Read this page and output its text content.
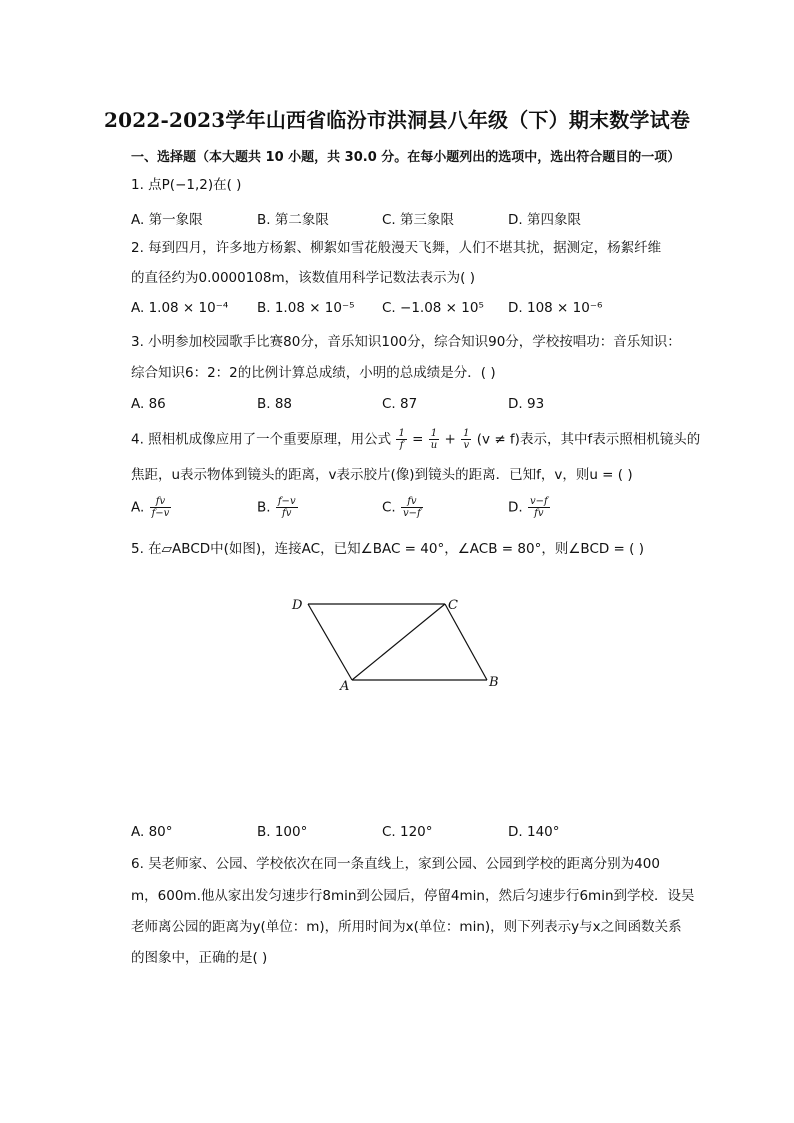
2022-2023学年山西省临汾市洪洞县八年级（下）期末数学试卷
一、选择题（本大题共 10 小题，共 30.0 分。在每小题列出的选项中，选出符合题目的一项）
1. 点P(−1,2)在( )
A. 第一象限	B. 第二象限	C. 第三象限	D. 第四象限
2. 每到四月，许多地方杨絮、柳絮如雪花般漫天飞舞，人们不堪其扰，据测定，杨絮纤维
的直径约为0.0000108m，该数值用科学记数法表示为( )
A. 1.08 × 10⁻⁴ B. 1.08 × 10⁻⁵ C. −1.08 × 10⁵ D. 108 × 10⁻⁶
3. 小明参加校园歌手比赛80分，音乐知识100分，综合知识90分，学校按唱功：音乐知识：
综合知识6：2：2的比例计算总成绩，小明的总成绩是分．( )
A. 86	B. 88	C. 87	D. 93
4. 照相机成像应用了一个重要原理，用公式 $\frac{1}{f} = \frac{1}{u} + \frac{1}{v} (v \ne f)$表示，其中f表示照相机镜头的
焦距，u表示物体到镜头的距离，v表示胶片(像)到镜头的距离．已知f，v，则u = ( )
A. $\frac{fv}{f-v}$	B. $\frac{f-v}{fv}$	C. $\frac{fv}{v-f}$	D. $\frac{v-f}{fv}$
5. 在▱ABCD中(如图)，连接AC，已知∠BAC = 40°，∠ACB = 80°，则∠BCD = ( )
D	C
A	B
A. 80°	B. 100°	C. 120°	D. 140°
6. 吴老师家、公园、学校依次在同一条直线上，家到公园、公园到学校的距离分别为400
m，600m.他从家出发匀速步行8min到公园后，停留4min，然后匀速步行6min到学校．设吴
老师离公园的距离为y(单位：m)，所用时间为x(单位：min)，则下列表示y与x之间函数关系
的图象中，正确的是( )
